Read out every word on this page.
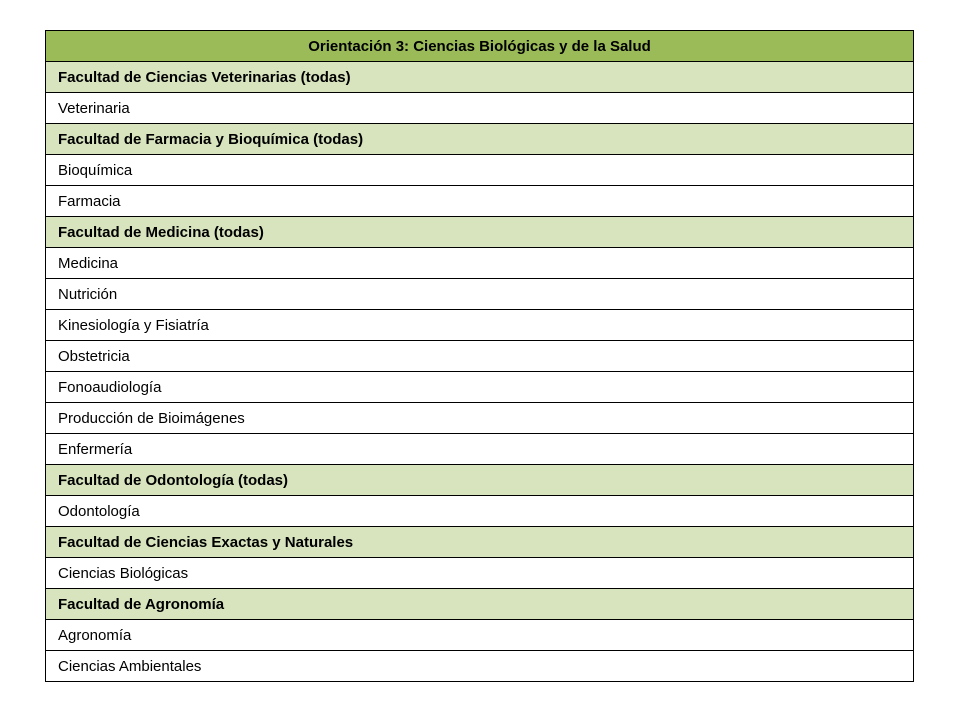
Orientación 3: Ciencias Biológicas y de la Salud
Facultad de Ciencias Veterinarias (todas)
Veterinaria
Facultad de Farmacia y Bioquímica (todas)
Bioquímica
Farmacia
Facultad de Medicina (todas)
Medicina
Nutrición
Kinesiología y Fisiatría
Obstetricia
Fonoaudiología
Producción de Bioimágenes
Enfermería
Facultad de Odontología (todas)
Odontología
Facultad de Ciencias Exactas y Naturales
Ciencias Biológicas
Facultad de Agronomía
Agronomía
Ciencias Ambientales
